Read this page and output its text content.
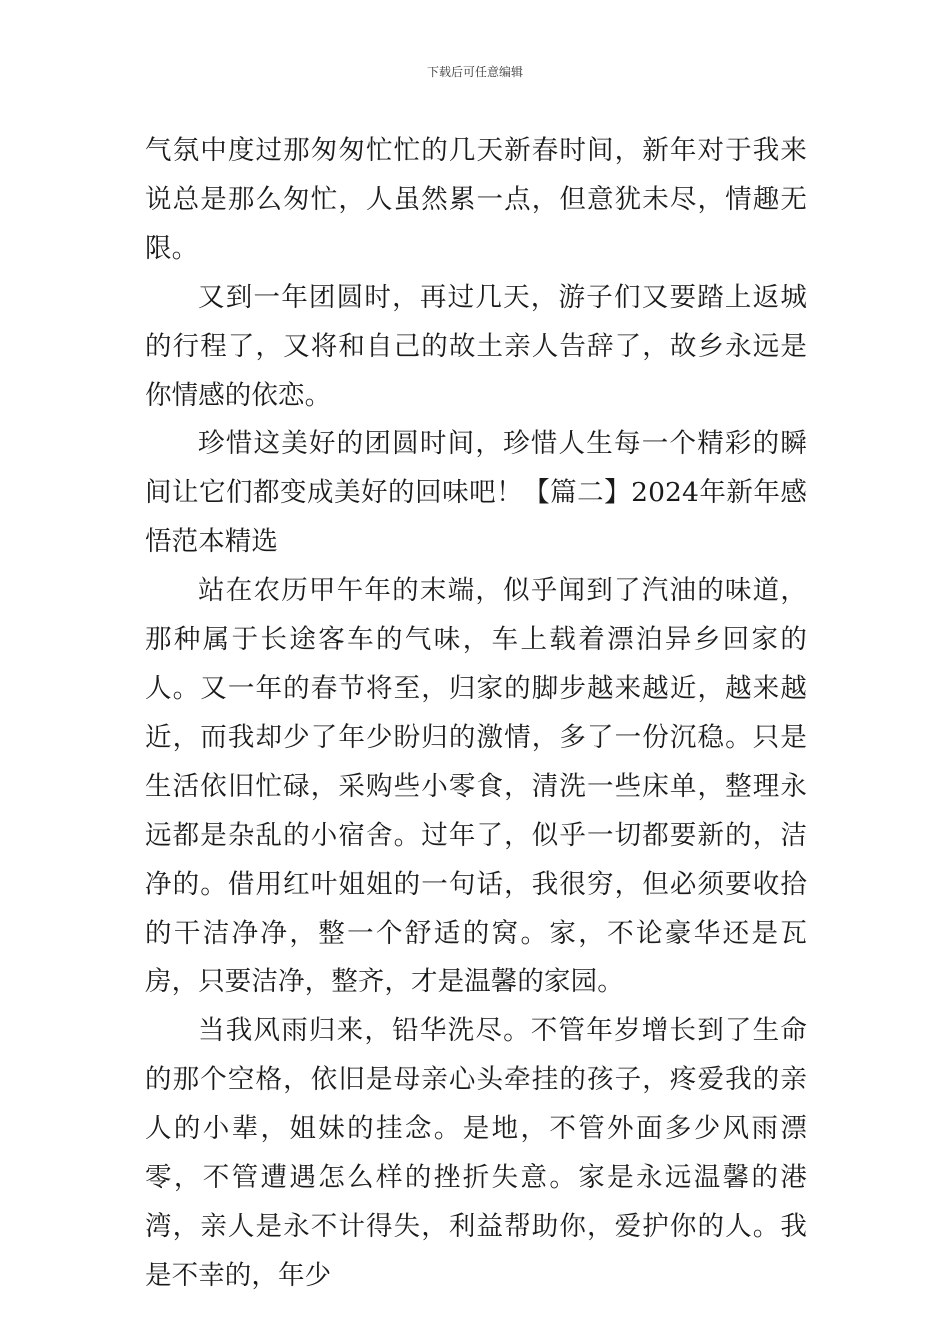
下载后可任意编辑

气氛中度过那匆匆忙忙的几天新春时间，新年对于我来说总是那么匆忙，人虽然累一点，但意犹未尽，情趣无限。

又到一年团圆时，再过几天，游子们又要踏上返城的行程了，又将和自己的故土亲人告辞了，故乡永远是你情感的依恋。

珍惜这美好的团圆时间，珍惜人生每一个精彩的瞬间让它们都变成美好的回味吧！【篇二】2024年新年感悟范本精选

站在农历甲午年的末端，似乎闻到了汽油的味道，那种属于长途客车的气味，车上载着漂泊异乡回家的人。又一年的春节将至，归家的脚步越来越近，越来越近，而我却少了年少盼归的激情，多了一份沉稳。只是生活依旧忙碌，采购些小零食，清洗一些床单，整理永远都是杂乱的小宿舍。过年了，似乎一切都要新的，洁净的。借用红叶姐姐的一句话，我很穷，但必须要收拾的干洁净净，整一个舒适的窝。家，不论豪华还是瓦房，只要洁净，整齐，才是温馨的家园。

当我风雨归来，铅华洗尽。不管年岁增长到了生命的那个空格，依旧是母亲心头牵挂的孩子，疼爱我的亲人的小辈，姐妹的挂念。是地，不管外面多少风雨漂零，不管遭遇怎么样的挫折失意。家是永远温馨的港湾，亲人是永不计得失，利益帮助你，爱护你的人。我是不幸的，年少
